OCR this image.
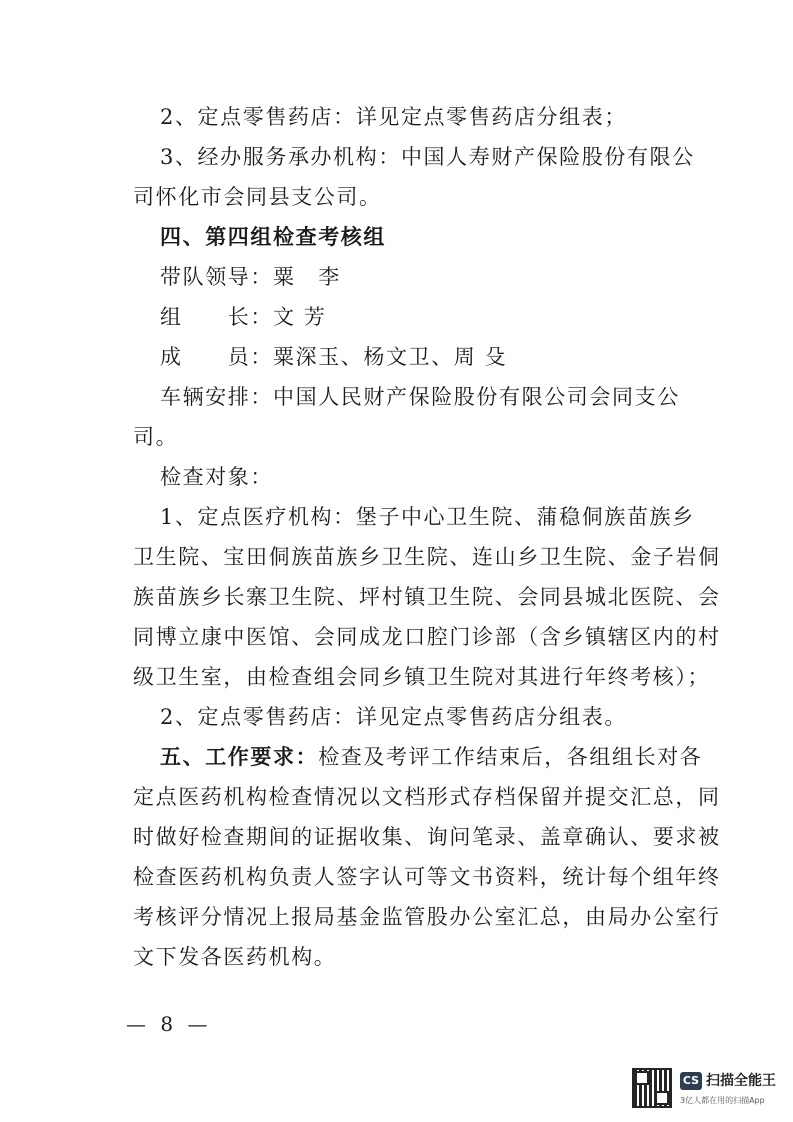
2、定点零售药店：详见定点零售药店分组表；
3、经办服务承办机构：中国人寿财产保险股份有限公
司怀化市会同县支公司。
四、第四组检查考核组
带队领导：粟　李
组　　长：文 芳
成　　员：粟深玉、杨文卫、周 殳
车辆安排：中国人民财产保险股份有限公司会同支公
司。
检查对象：
1、定点医疗机构：堡子中心卫生院、蒲稳侗族苗族乡
卫生院、宝田侗族苗族乡卫生院、连山乡卫生院、金子岩侗
族苗族乡长寨卫生院、坪村镇卫生院、会同县城北医院、会
同博立康中医馆、会同成龙口腔门诊部（含乡镇辖区内的村
级卫生室，由检查组会同乡镇卫生院对其进行年终考核）；
2、定点零售药店：详见定点零售药店分组表。
五、工作要求：检查及考评工作结束后，各组组长对各
定点医药机构检查情况以文档形式存档保留并提交汇总，同
时做好检查期间的证据收集、询问笔录、盖章确认、要求被
检查医药机构负责人签字认可等文书资料，统计每个组年终
考核评分情况上报局基金监管股办公室汇总，由局办公室行
文下发各医药机构。
— 8 —
CS 扫描全能王
3亿人都在用的扫描App
